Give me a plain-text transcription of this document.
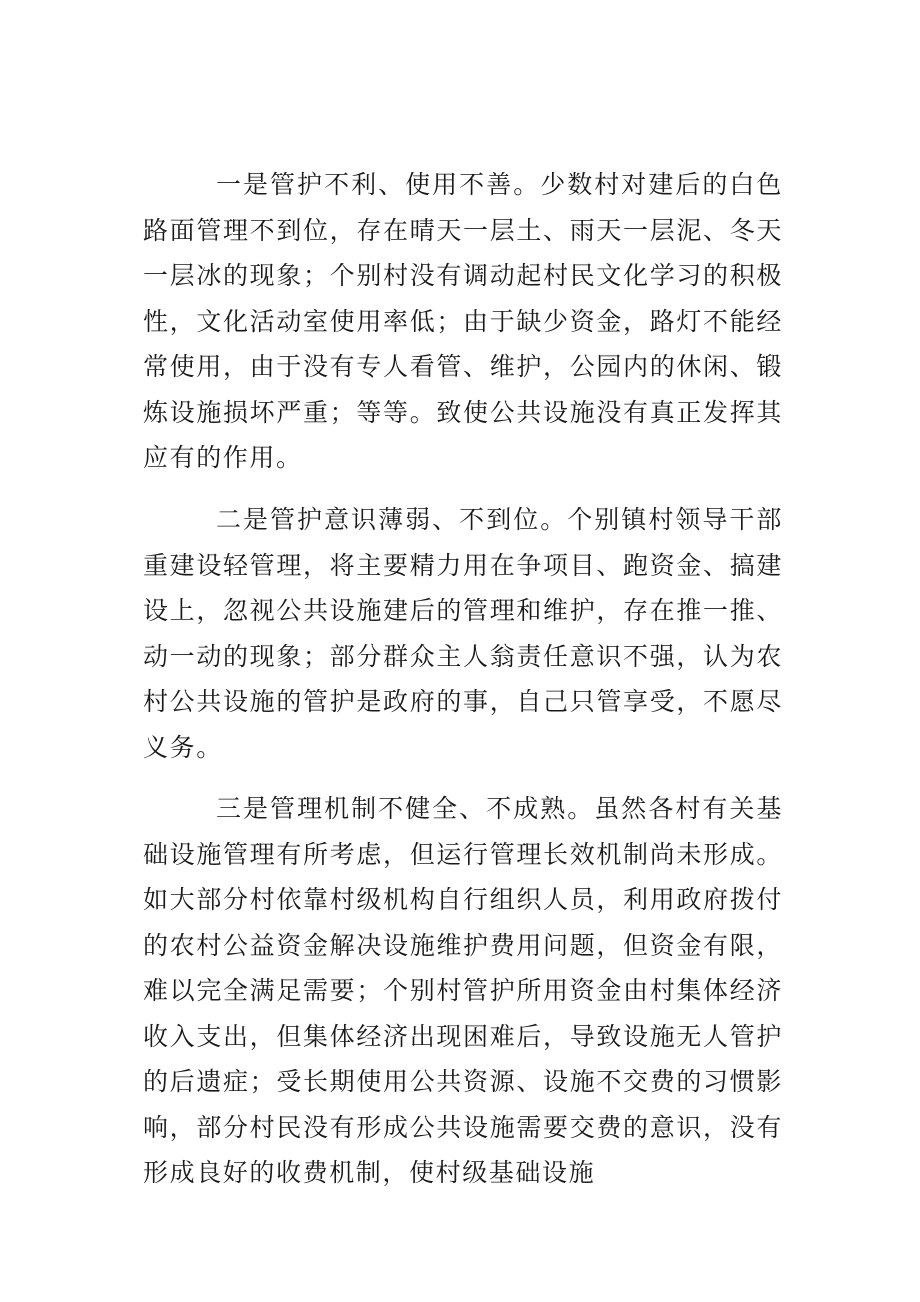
一是管护不利、使用不善。少数村对建后的白色路面管理不到位，存在晴天一层土、雨天一层泥、冬天一层冰的现象；个别村没有调动起村民文化学习的积极性，文化活动室使用率低；由于缺少资金，路灯不能经常使用，由于没有专人看管、维护，公园内的休闲、锻炼设施损坏严重；等等。致使公共设施没有真正发挥其应有的作用。

二是管护意识薄弱、不到位。个别镇村领导干部重建设轻管理，将主要精力用在争项目、跑资金、搞建设上，忽视公共设施建后的管理和维护，存在推一推、动一动的现象；部分群众主人翁责任意识不强，认为农村公共设施的管护是政府的事，自己只管享受，不愿尽义务。

三是管理机制不健全、不成熟。虽然各村有关基础设施管理有所考虑，但运行管理长效机制尚未形成。如大部分村依靠村级机构自行组织人员，利用政府拨付的农村公益资金解决设施维护费用问题，但资金有限，难以完全满足需要；个别村管护所用资金由村集体经济收入支出，但集体经济出现困难后，导致设施无人管护的后遗症；受长期使用公共资源、设施不交费的习惯影响，部分村民没有形成公共设施需要交费的意识，没有形成良好的收费机制，使村级基础设施
